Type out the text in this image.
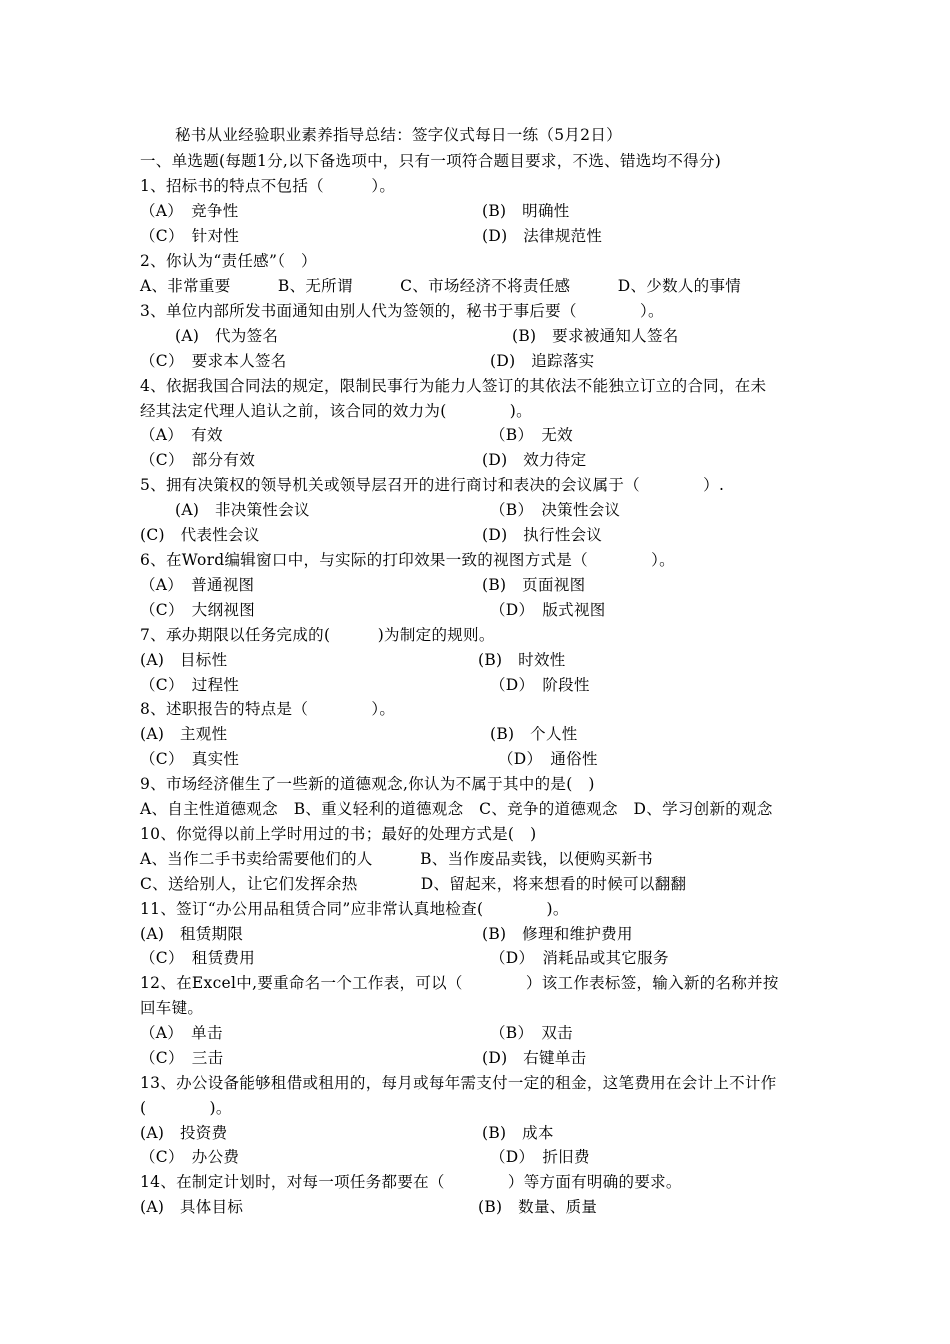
秘书从业经验职业素养指导总结：签字仪式每日一练（5月2日）
一、单选题(每题1分,以下备选项中，只有一项符合题目要求，不选、错选均不得分)
1、招标书的特点不包括（　　　）。
（A）　竞争性	(B)　明确性
（C）　针对性	(D)　法律规范性
2、你认为“责任感”（　）
A、非常重要　　　B、无所谓　　　C、市场经济不将责任感　　　D、少数人的事情
3、单位内部所发书面通知由别人代为签领的，秘书于事后要（　　　　）。
(A)　代为签名	(B)　要求被通知人签名
（C）　要求本人签名	(D)　追踪落实
4、依据我国合同法的规定，限制民事行为能力人签订的其依法不能独立订立的合同，在未
经其法定代理人追认之前，该合同的效力为(　　　　)。
（A）　有效	（B）　无效
（C）　部分有效	(D)　效力待定
5、拥有决策权的领导机关或领导层召开的进行商讨和表决的会议属于（　　　　）.
(A)　非决策性会议	（B）　决策性会议
(C)　代表性会议	(D)　执行性会议
6、在Word编辑窗口中，与实际的打印效果一致的视图方式是（　　　　）。
（A）　普通视图	(B)　页面视图
（C）　大纲视图	（D）　版式视图
7、承办期限以任务完成的(　　　)为制定的规则。
(A)　目标性	(B)　时效性
（C）　过程性	（D）　阶段性
8、述职报告的特点是（　　　　）。
(A)　主观性	(B)　个人性
（C）　真实性	（D）　通俗性
9、市场经济催生了一些新的道德观念,你认为不属于其中的是(　)
A、自主性道德观念　B、重义轻利的道德观念　C、竞争的道德观念　D、学习创新的观念
10、你觉得以前上学时用过的书；最好的处理方式是(　)
A、当作二手书卖给需要他们的人　　　B、当作废品卖钱，以便购买新书
C、送给别人，让它们发挥余热　　　　D、留起来，将来想看的时候可以翻翻
11、签订“办公用品租赁合同”应非常认真地检查(　　　　)。
(A)　租赁期限	(B)　修理和维护费用
（C）　租赁费用	（D）　消耗品或其它服务
12、在Excel中,要重命名一个工作表，可以（　　　　）该工作表标签，输入新的名称并按
回车键。
（A）　单击	（B）　双击
（C）　三击	(D)　右键单击
13、办公设备能够租借或租用的，每月或每年需支付一定的租金，这笔费用在会计上不计作
(　　　　)。
(A)　投资费	(B)　成本
（C）　办公费	（D）　折旧费
14、在制定计划时，对每一项任务都要在（　　　　）等方面有明确的要求。
(A)　具体目标	(B)　数量、质量
